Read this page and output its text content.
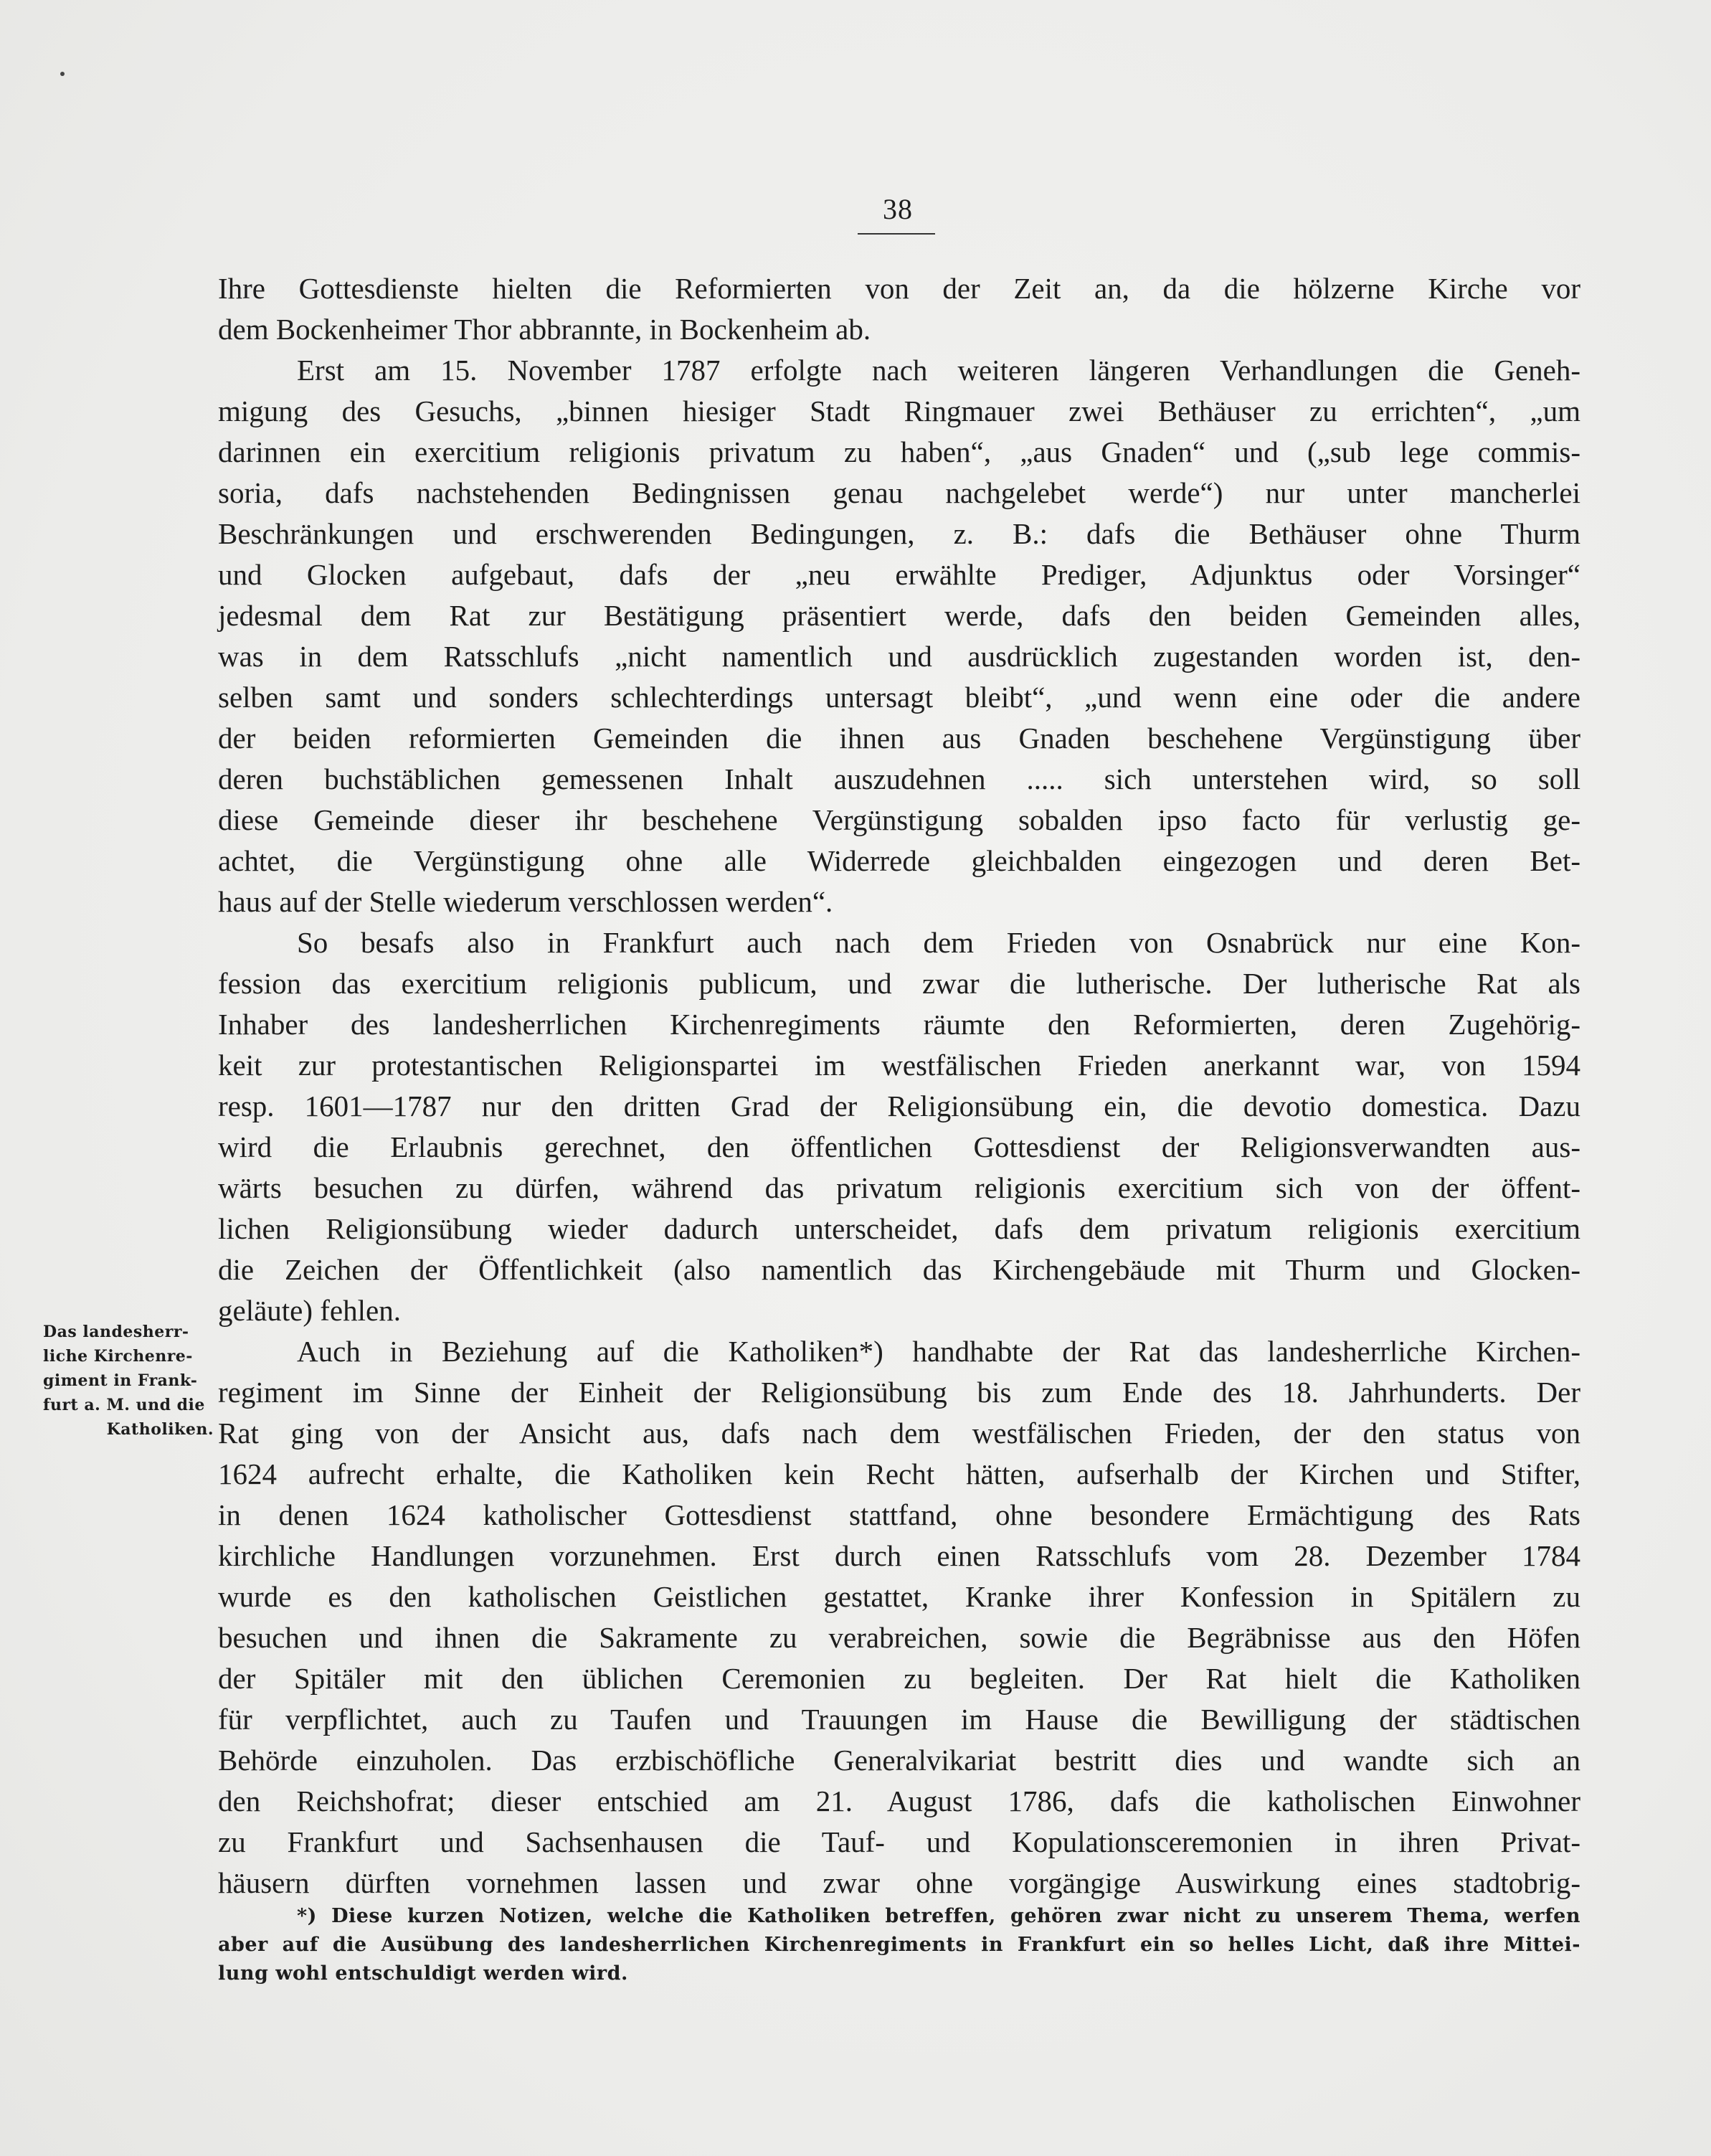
38
Ihre Gottesdienste hielten die Reformierten von der Zeit an, da die hölzerne Kirche vor
dem Bockenheimer Thor abbrannte, in Bockenheim ab.
Erst am 15. November 1787 erfolgte nach weiteren längeren Verhandlungen die Geneh-
migung des Gesuchs, „binnen hiesiger Stadt Ringmauer zwei Bethäuser zu errichten“, „um
darinnen ein exercitium religionis privatum zu haben“, „aus Gnaden“ und („sub lege commis-
soria, dafs nachstehenden Bedingnissen genau nachgelebet werde“) nur unter mancherlei
Beschränkungen und erschwerenden Bedingungen, z. B.: dafs die Bethäuser ohne Thurm
und Glocken aufgebaut, dafs der „neu erwählte Prediger, Adjunktus oder Vorsinger“
jedesmal dem Rat zur Bestätigung präsentiert werde, dafs den beiden Gemeinden alles,
was in dem Ratsschlufs „nicht namentlich und ausdrücklich zugestanden worden ist, den-
selben samt und sonders schlechterdings untersagt bleibt“, „und wenn eine oder die andere
der beiden reformierten Gemeinden die ihnen aus Gnaden beschehene Vergünstigung über
deren buchstäblichen gemessenen Inhalt auszudehnen ..... sich unterstehen wird, so soll
diese Gemeinde dieser ihr beschehene Vergünstigung sobalden ipso facto für verlustig ge-
achtet, die Vergünstigung ohne alle Widerrede gleichbalden eingezogen und deren Bet-
haus auf der Stelle wiederum verschlossen werden“.
So besafs also in Frankfurt auch nach dem Frieden von Osnabrück nur eine Kon-
fession das exercitium religionis publicum, und zwar die lutherische. Der lutherische Rat als
Inhaber des landesherrlichen Kirchenregiments räumte den Reformierten, deren Zugehörig-
keit zur protestantischen Religionspartei im westfälischen Frieden anerkannt war, von 1594
resp. 1601—1787 nur den dritten Grad der Religionsübung ein, die devotio domestica. Dazu
wird die Erlaubnis gerechnet, den öffentlichen Gottesdienst der Religionsverwandten aus-
wärts besuchen zu dürfen, während das privatum religionis exercitium sich von der öffent-
lichen Religionsübung wieder dadurch unterscheidet, dafs dem privatum religionis exercitium
die Zeichen der Öffentlichkeit (also namentlich das Kirchengebäude mit Thurm und Glocken-
geläute) fehlen.
Auch in Beziehung auf die Katholiken*) handhabte der Rat das landesherrliche Kirchen-
regiment im Sinne der Einheit der Religionsübung bis zum Ende des 18. Jahrhunderts. Der
Rat ging von der Ansicht aus, dafs nach dem westfälischen Frieden, der den status von
1624 aufrecht erhalte, die Katholiken kein Recht hätten, aufserhalb der Kirchen und Stifter,
in denen 1624 katholischer Gottesdienst stattfand, ohne besondere Ermächtigung des Rats
kirchliche Handlungen vorzunehmen. Erst durch einen Ratsschlufs vom 28. Dezember 1784
wurde es den katholischen Geistlichen gestattet, Kranke ihrer Konfession in Spitälern zu
besuchen und ihnen die Sakramente zu verabreichen, sowie die Begräbnisse aus den Höfen
der Spitäler mit den üblichen Ceremonien zu begleiten. Der Rat hielt die Katholiken
für verpflichtet, auch zu Taufen und Trauungen im Hause die Bewilligung der städtischen
Behörde einzuholen. Das erzbischöfliche Generalvikariat bestritt dies und wandte sich an
den Reichshofrat; dieser entschied am 21. August 1786, dafs die katholischen Einwohner
zu Frankfurt und Sachsenhausen die Tauf- und Kopulationsceremonien in ihren Privat-
häusern dürften vornehmen lassen und zwar ohne vorgängige Auswirkung eines stadtobrig-
Das landesherr-
liche Kirchenre-
giment in Frank-
furt a. M. und die
Katholiken.
*) Diese kurzen Notizen, welche die Katholiken betreffen, gehören zwar nicht zu unserem Thema, werfen
aber auf die Ausübung des landesherrlichen Kirchenregiments in Frankfurt ein so helles Licht, daß ihre Mittei-
lung wohl entschuldigt werden wird.
